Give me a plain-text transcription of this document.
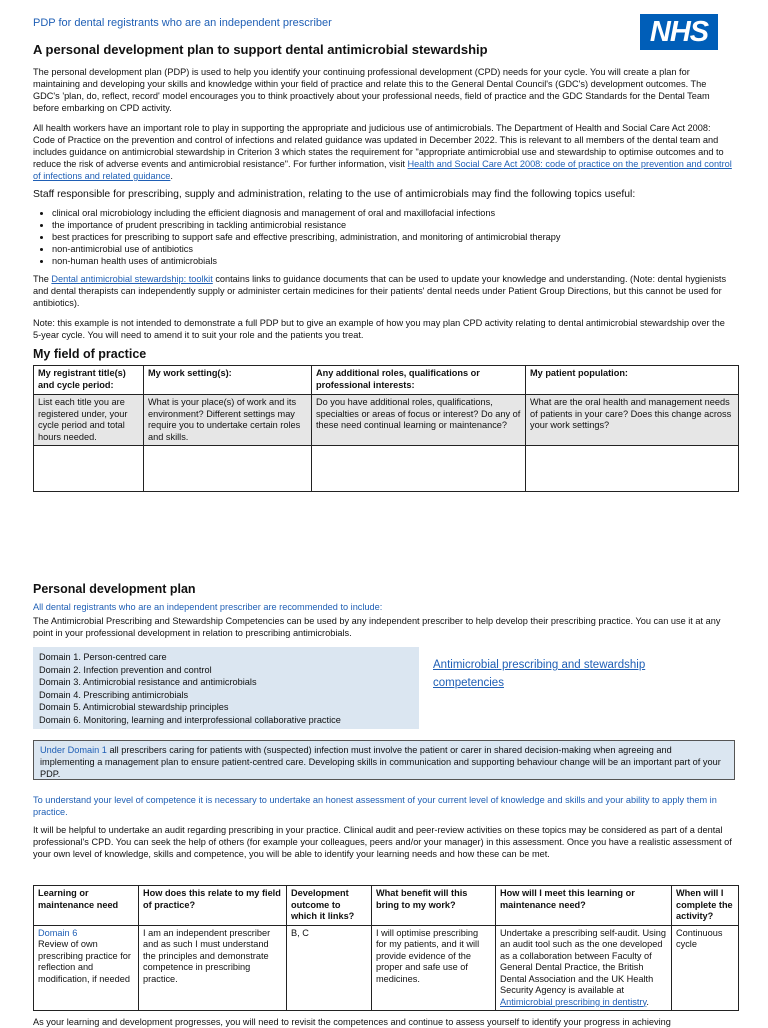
PDP for dental registrants who are an independent prescriber	NHS
A personal development plan to support dental antimicrobial stewardship
The personal development plan (PDP) is used to help you identify your continuing professional development (CPD) needs for your cycle. You will create a plan for maintaining and developing your skills and knowledge within your field of practice and relate this to the General Dental Council's (GDC's) development outcomes. The GDC's 'plan, do, reflect, record' model encourages you to think proactively about your professional needs, field of practice and the GDC Standards for the Dental Team before embarking on CPD activity.
All health workers have an important role to play in supporting the appropriate and judicious use of antimicrobials. The Department of Health and Social Care Act 2008: Code of Practice on the prevention and control of infections and related guidance was updated in December 2022. This is relevant to all members of the dental team and includes guidance on antimicrobial stewardship in Criterion 3 which states the requirement for "appropriate antimicrobial use and stewardship to optimise outcomes and to reduce the risk of adverse events and antimicrobial resistance". For further information, visit Health and Social Care Act 2008: code of practice on the prevention and control of infections and related guidance.
Staff responsible for prescribing, supply and administration, relating to the use of antimicrobials may find the following topics useful:
• clinical oral microbiology including the efficient diagnosis and management of oral and maxillofacial infections
• the importance of prudent prescribing in tackling antimicrobial resistance
• best practices for prescribing to support safe and effective prescribing, administration, and monitoring of antimicrobial therapy
• non-antimicrobial use of antibiotics
• non-human health uses of antimicrobials
The Dental antimicrobial stewardship: toolkit contains links to guidance documents that can be used to update your knowledge and understanding. (Note: dental hygienists and dental therapists can independently supply or administer certain medicines for their patients' dental needs under Patient Group Directions, but this cannot be used for antibiotics).
Note: this example is not intended to demonstrate a full PDP but to give an example of how you may plan CPD activity relating to dental antimicrobial stewardship over the 5-year cycle. You will need to amend it to suit your role and the patients you treat.
My field of practice
My registrant title(s) and cycle period:	My work setting(s):	Any additional roles, qualifications or professional interests:	My patient population:
List each title you are registered under, your cycle period and total hours needed.	What is your place(s) of work and its environment? Different settings may require you to undertake certain roles and skills.	Do you have additional roles, qualifications, specialties or areas of focus or interest? Do any of these need continual learning or maintenance?	What are the oral health and management needs of patients in your care? Does this change across your work settings?

Personal development plan
All dental registrants who are an independent prescriber are recommended to include:
The Antimicrobial Prescribing and Stewardship Competencies can be used by any independent prescriber to help develop their prescribing practice. You can use it at any point in your professional development in relation to prescribing antimicrobials.
Domain 1. Person-centred care
Domain 2. Infection prevention and control
Domain 3. Antimicrobial resistance and antimicrobials
Domain 4. Prescribing antimicrobials
Domain 5. Antimicrobial stewardship principles
Domain 6. Monitoring, learning and interprofessional collaborative practice
Antimicrobial prescribing and stewardship competencies
Under Domain 1 all prescribers caring for patients with (suspected) infection must involve the patient or carer in shared decision-making when agreeing and implementing a management plan to ensure patient-centred care. Developing skills in communication and supporting behaviour change will be an important part of your PDP.
To understand your level of competence it is necessary to undertake an honest assessment of your current level of knowledge and skills and your ability to apply them in practice.
It will be helpful to undertake an audit regarding prescribing in your practice. Clinical audit and peer-review activities on these topics may be considered as part of a dental professional's CPD. You can seek the help of others (for example your colleagues, peers and/or your manager) in this assessment. Once you have a realistic assessment of your own level of knowledge, skills and competence, you will be able to identify your learning needs and how these can be met.
Learning or maintenance need	How does this relate to my field of practice?	Development outcome to which it links?	What benefit will this bring to my work?	How will I meet this learning or maintenance need?	When will I complete the activity?
Domain 6
Review of own prescribing practice for reflection and modification, if needed	I am an independent prescriber and as such I must understand the principles and demonstrate competence in prescribing practice.	B, C	I will optimise prescribing for my patients, and it will provide evidence of the proper and safe use of medicines.	Undertake a prescribing self-audit. Using an audit tool such as the one developed as a collaboration between Faculty of General Dental Practice, the British Dental Association and the UK Health Security Agency is available at Antimicrobial prescribing in dentistry.	Continuous cycle
As your learning and development progresses, you will need to revisit the competences and continue to assess yourself to identify your progress in achieving
